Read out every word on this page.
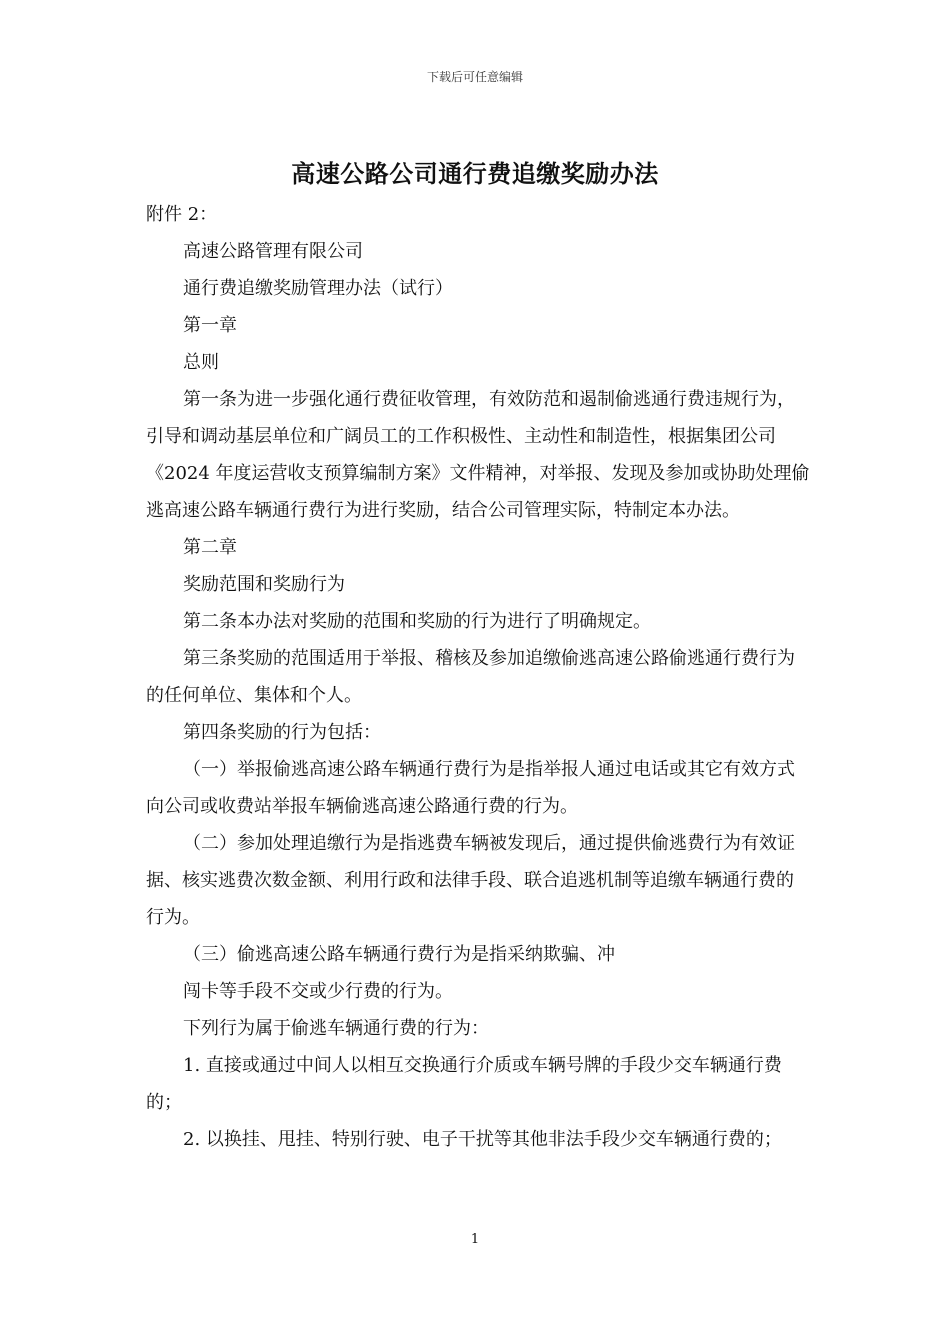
下载后可任意编辑
高速公路公司通行费追缴奖励办法

附件 2：

高速公路管理有限公司

通行费追缴奖励管理办法（试行）

第一章

总则

第一条为进一步强化通行费征收管理，有效防范和遏制偷逃通行费违规行为，引导和调动基层单位和广阔员工的工作积极性、主动性和制造性，根据集团公司《2024 年度运营收支预算编制方案》文件精神，对举报、发现及参加或协助处理偷逃高速公路车辆通行费行为进行奖励，结合公司管理实际，特制定本办法。

第二章

奖励范围和奖励行为

第二条本办法对奖励的范围和奖励的行为进行了明确规定。

第三条奖励的范围适用于举报、稽核及参加追缴偷逃高速公路偷逃通行费行为的任何单位、集体和个人。

第四条奖励的行为包括：

（一）举报偷逃高速公路车辆通行费行为是指举报人通过电话或其它有效方式向公司或收费站举报车辆偷逃高速公路通行费的行为。

（二）参加处理追缴行为是指逃费车辆被发现后，通过提供偷逃费行为有效证据、核实逃费次数金额、利用行政和法律手段、联合追逃机制等追缴车辆通行费的行为。

（三）偷逃高速公路车辆通行费行为是指采纳欺骗、冲

闯卡等手段不交或少行费的行为。

下列行为属于偷逃车辆通行费的行为：

1. 直接或通过中间人以相互交换通行介质或车辆号牌的手段少交车辆通行费的；

2. 以换挂、甩挂、特别行驶、电子干扰等其他非法手段少交车辆通行费的；

1
